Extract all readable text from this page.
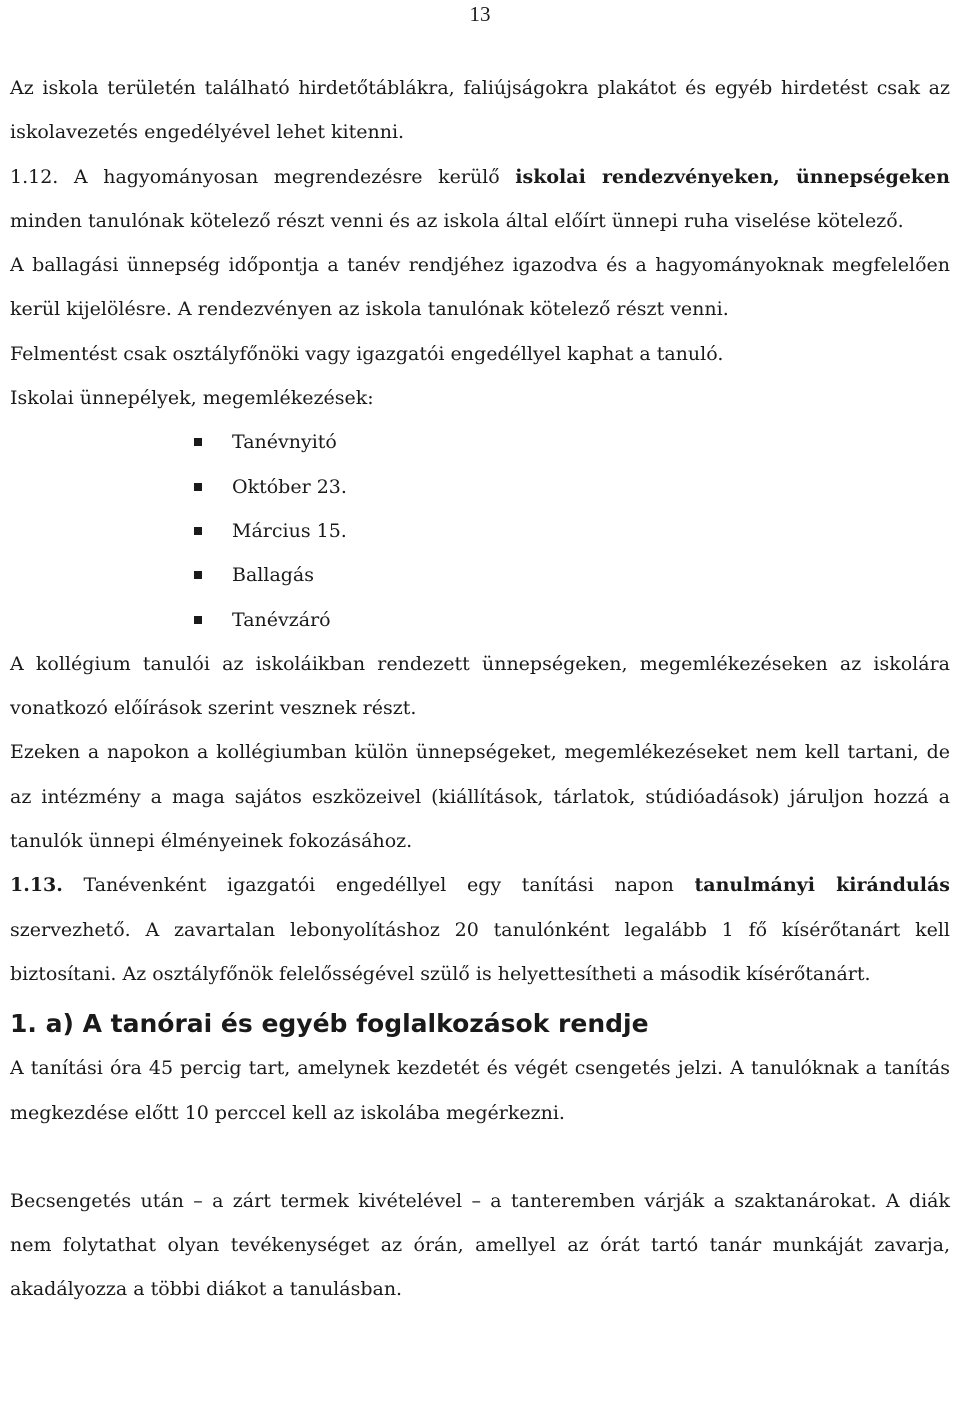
13

Az iskola területén található hirdetőtáblákra, faliújságokra plakátot és egyéb hirdetést csak az iskolavezetés engedélyével lehet kitenni.

1.12. A hagyományosan megrendezésre kerülő iskolai rendezvényeken, ünnepségeken minden tanulónak kötelező részt venni és az iskola által előírt ünnepi ruha viselése kötelező.

A ballagási ünnepség időpontja a tanév rendjéhez igazodva és a hagyományoknak megfelelően kerül kijelölésre. A rendezvényen az iskola tanulónak kötelező részt venni.

Felmentést csak osztályfőnöki vagy igazgatói engedéllyel kaphat a tanuló.

Iskolai ünnepélyek, megemlékezések:

Tanévnyitó
Október 23.
Március 15.
Ballagás
Tanévzáró

A kollégium tanulói az iskoláikban rendezett ünnepségeken, megemlékezéseken az iskolára vonatkozó előírások szerint vesznek részt.

Ezeken a napokon a kollégiumban külön ünnepségeket, megemlékezéseket nem kell tartani, de az intézmény a maga sajátos eszközeivel (kiállítások, tárlatok, stúdióadások) járuljon hozzá a tanulók ünnepi élményeinek fokozásához.

1.13. Tanévenként igazgatói engedéllyel egy tanítási napon tanulmányi kirándulás szervezhető. A zavartalan lebonyolításhoz 20 tanulónként legalább 1 fő kísérőtanárt kell biztosítani. Az osztályfőnök felelősségével szülő is helyettesítheti a második kísérőtanárt.

1. a) A tanórai és egyéb foglalkozások rendje

A tanítási óra 45 percig tart, amelynek kezdetét és végét csengetés jelzi. A tanulóknak a tanítás megkezdése előtt 10 perccel kell az iskolába megérkezni.

Becsengetés után – a zárt termek kivételével – a tanteremben várják a szaktanárokat. A diák nem folytathat olyan tevékenységet az órán, amellyel az órát tartó tanár munkáját zavarja, akadályozza a többi diákot a tanulásban.
